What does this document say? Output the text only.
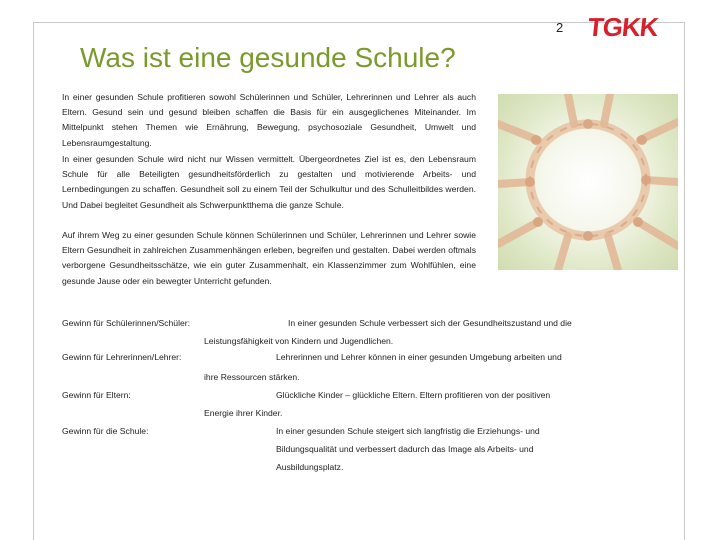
2 TGKK
Was ist eine gesunde Schule?
In einer gesunden Schule profitieren sowohl Schülerinnen und Schüler, Lehrerinnen und Lehrer als auch Eltern. Gesund sein und gesund bleiben schaffen die Basis für ein ausgeglichenes Miteinander. Im Mittelpunkt stehen Themen wie Ernährung, Bewegung, psychosoziale Gesundheit, Umwelt und Lebensraumgestaltung.
In einer gesunden Schule wird nicht nur Wissen vermittelt. Übergeordnetes Ziel ist es, den Lebensraum Schule für alle Beteiligten gesundheitsförderlich zu gestalten und motivierende Arbeits- und Lernbedingungen zu schaffen. Gesundheit soll zu einem Teil der Schulkultur und des Schulleitbildes werden. Und Dabei begleitet Gesundheit als Schwerpunktthema die ganze Schule.
Auf ihrem Weg zu einer gesunden Schule können Schülerinnen und Schüler, Lehrerinnen und Lehrer sowie Eltern Gesundheit in zahlreichen Zusammenhängen erleben, begreifen und gestalten. Dabei werden oftmals verborgene Gesundheitsschätze, wie ein guter Zusammenhalt, ein Klassenzimmer zum Wohlfühlen, eine gesunde Jause oder ein bewegter Unterricht gefunden.
Gewinn für Schülerinnen/Schüler:	In einer gesunden Schule verbessert sich der Gesundheitszustand und die
Leistungsfähigkeit von Kindern und Jugendlichen.
Gewinn für Lehrerinnen/Lehrer:	Lehrerinnen und Lehrer können in einer gesunden Umgebung arbeiten und
ihre Ressourcen stärken.
Gewinn für Eltern:	Glückliche Kinder – glückliche Eltern. Eltern profitieren von der positiven
Energie ihrer Kinder.
Gewinn für die Schule:	In einer gesunden Schule steigert sich langfristig die Erziehungs- und
Bildungsqualität und verbessert dadurch das Image als Arbeits- und
Ausbildungsplatz.
